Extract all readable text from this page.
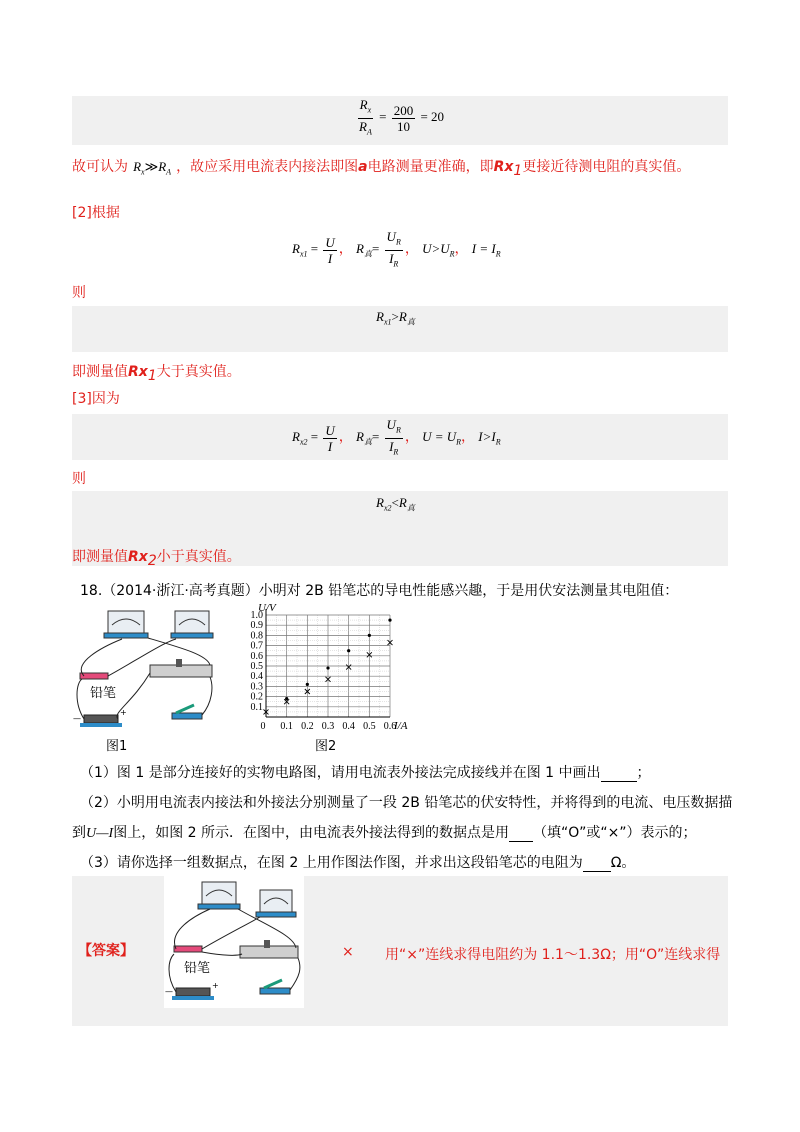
$\frac{R_x}{R_A} = \frac{200}{10} = 20$
故可认为 $R_x≫R_A$ ，故应采用电流表内接法即图a电路测量更准确，即$Rx_1$更接近待测电阻的真实值。
[2]根据
$R_{x1} = \frac{U}{I}$ ， $R_真= \frac{U_R}{I_R}$ ， $U>U_R$， $I = I_R$
则
$R_{x1}>R_真$
即测量值$Rx_1$大于真实值。
[3]因为
$R_{x2} = \frac{U}{I}$ ， $R_真= \frac{U_R}{I_R}$ ， $U = U_R$， $I>I_R$
则
$R_{x2}<R_真$
即测量值$Rx_2$小于真实值。
18.（2014·浙江·高考真题）小明对 2B 铅笔芯的导电性能感兴趣，于是用伏安法测量其电阻值：
—
+
铅笔
图1
0.1
0.2
0.3
0.4
0.5
0.6
0.7
0.8
0.9
1.0
0 0.1 0.2 0.3 0.4 0.5 0.6
U/V
I/A
图2
（1）图 1 是部分连接好的实物电路图，请用电流表外接法完成接线并在图 1 中画出	；
（2）小明用电流表内接法和外接法分别测量了一段 2B 铅笔芯的伏安特性，并将得到的电流、电压数据描
到U—I图上，如图 2 所示．在图中，由电流表外接法得到的数据点是用 （填“O”或“×”）表示的；
（3）请你选择一组数据点，在图 2 上用作图法作图，并求出这段铅笔芯的电阻为 Ω。
【答案】
—
+
铅笔
× 用“×”连线求得电阻约为 1.1～1.3Ω；用“O”连线求得
